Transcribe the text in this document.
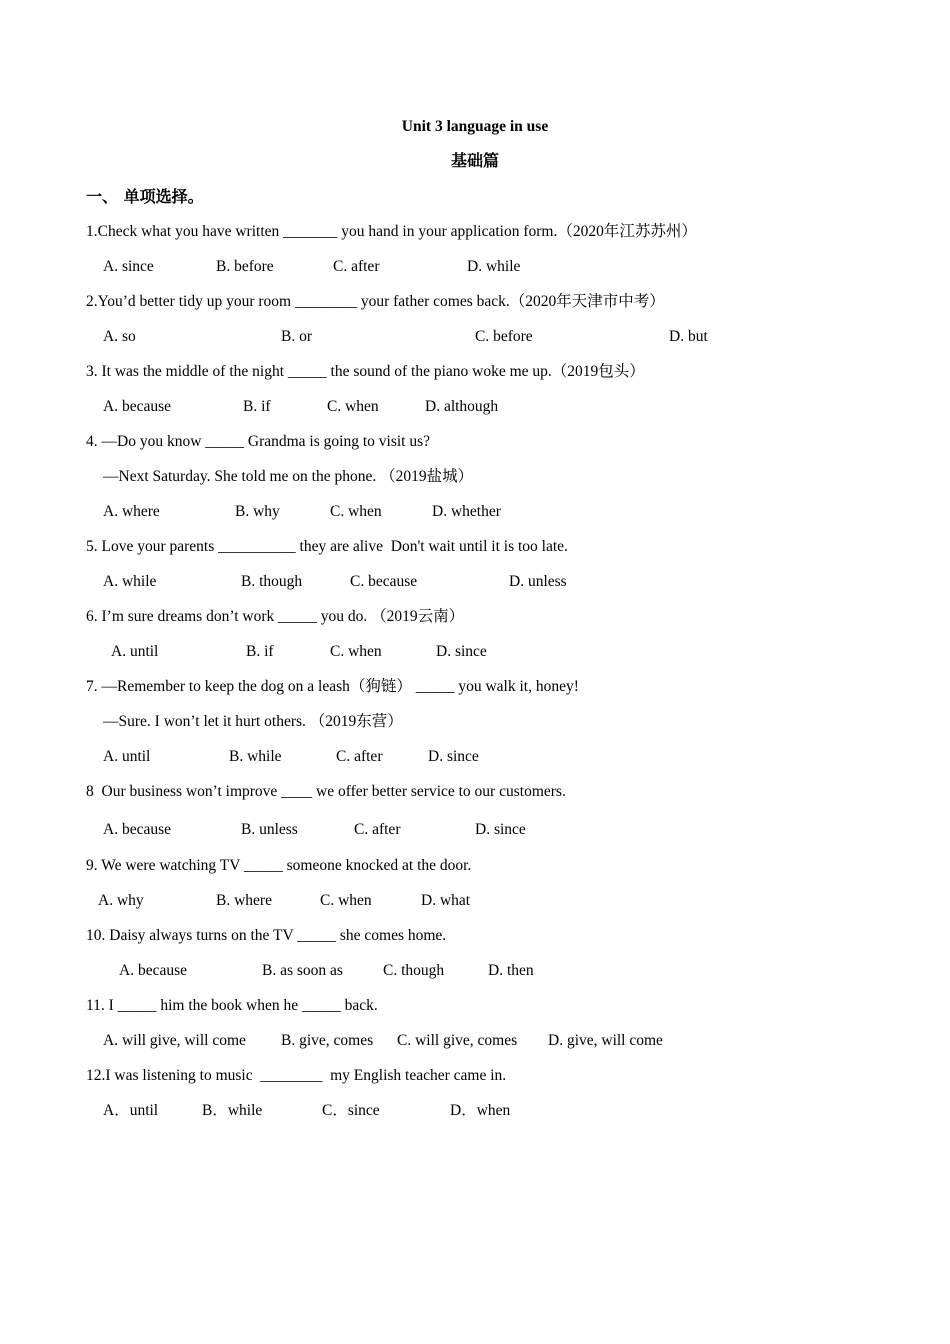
Unit 3 language in use
基础篇
一、 单项选择。
1.Check what you have written _______ you hand in your application form.（2020年江苏苏州）
A. since	B. before	C. after	D. while
2.You’d better tidy up your room ________ your father comes back.（2020年天津市中考）
A. so	B. or	C. before	D. but
3. It was the middle of the night _____ the sound of the piano woke me up.（2019包头）
A. because	B. if	C. when	D. although
4. —Do you know _____ Grandma is going to visit us?
—Next Saturday. She told me on the phone. （2019盐城）
A. where	B. why	C. when	D. whether
5. Love your parents __________ they are alive  Don't wait until it is too late.
A. while	B. though	C. because	D. unless
6. I’m sure dreams don’t work _____ you do. （2019云南）
A. until	B. if	C. when	D. since
7. —Remember to keep the dog on a leash（狗链） _____ you walk it, honey!
—Sure. I won’t let it hurt others. （2019东营）
A. until	B. while	C. after	D. since
8  Our business won’t improve ____ we offer better service to our customers.
A. because	B. unless	C. after	D. since
9. We were watching TV _____ someone knocked at the door.
A. why	B. where	C. when	D. what
10. Daisy always turns on the TV _____ she comes home.
A. because	B. as soon as	C. though	D. then
11. I _____ him the book when he _____ back.
A. will give, will come B. give, comes C. will give, comes D. give, will come
12.I was listening to music  ________  my English teacher came in.
A．until	B．while	C．since	D．when
